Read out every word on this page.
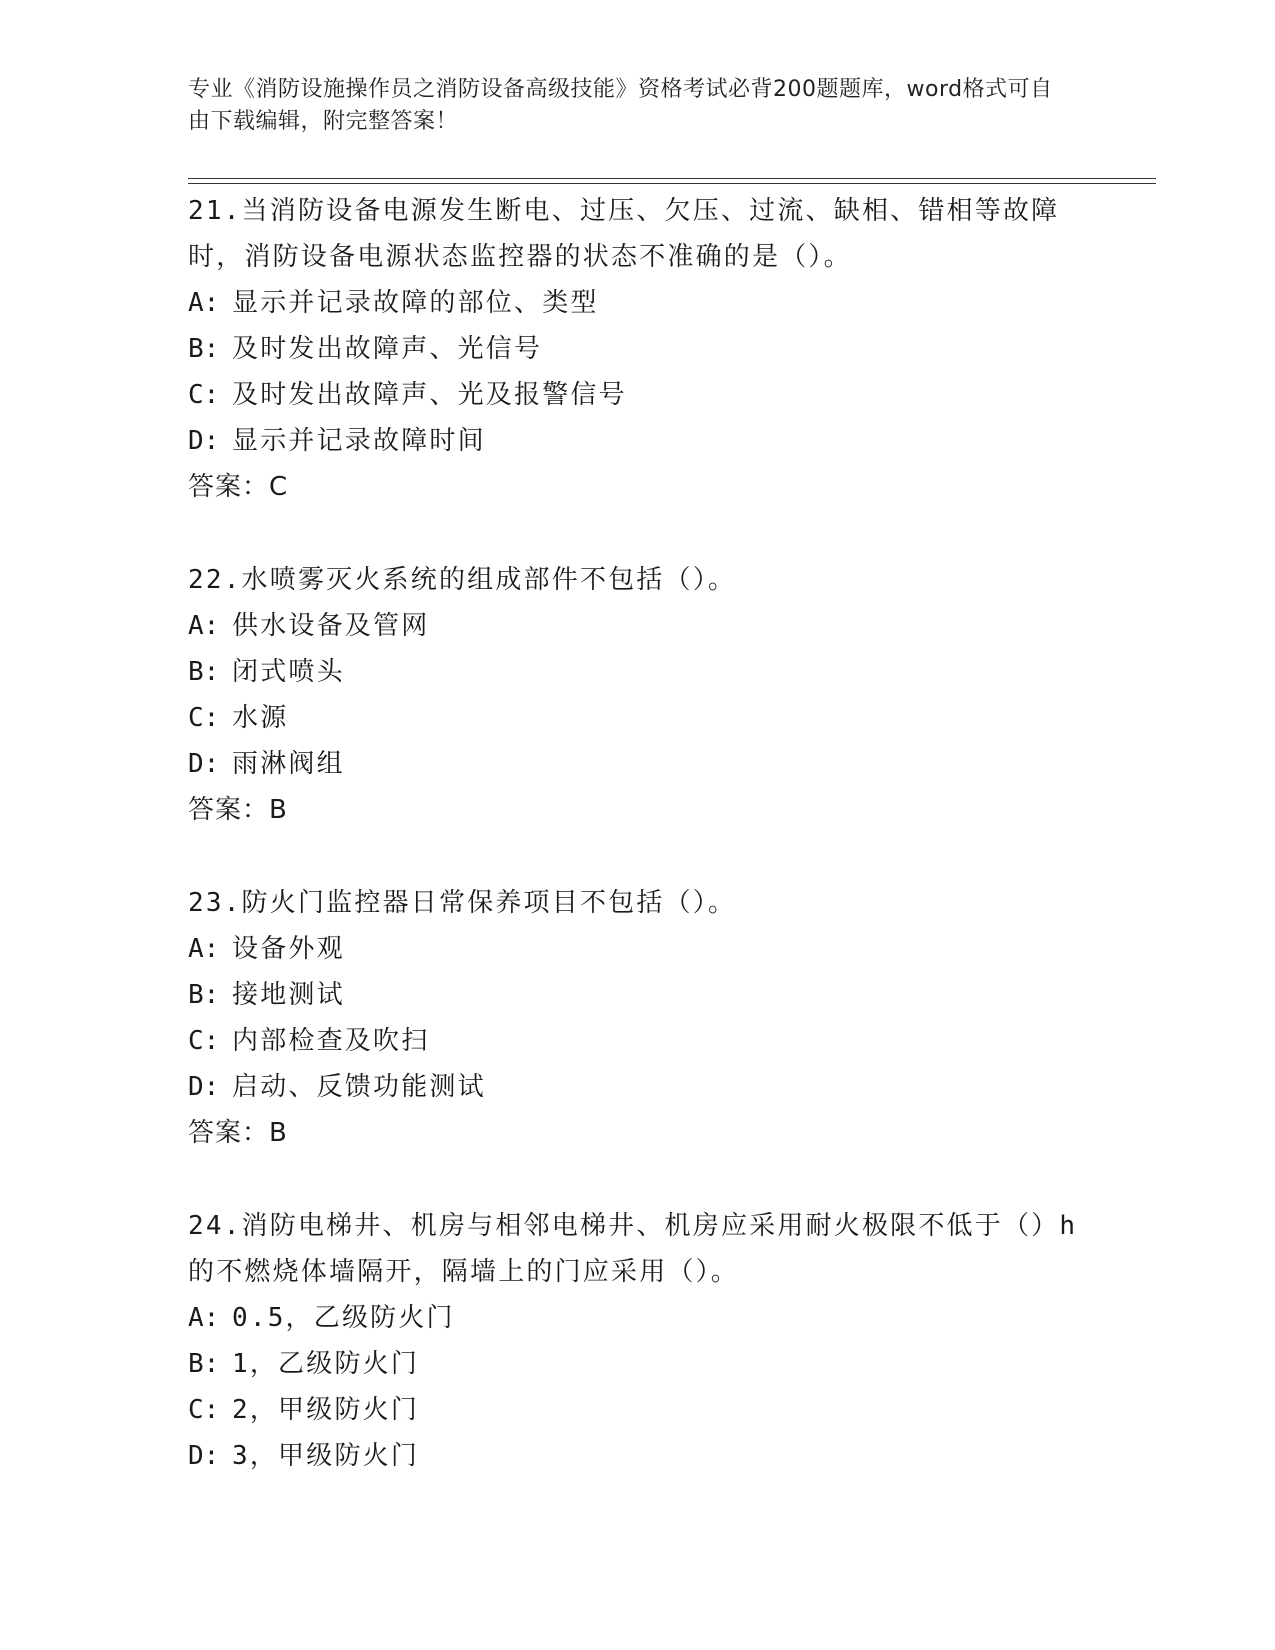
专业《消防设施操作员之消防设备高级技能》资格考试必背200题题库，word格式可自由下载编辑，附完整答案！
21.当消防设备电源发生断电、过压、欠压、过流、缺相、错相等故障时，消防设备电源状态监控器的状态不准确的是（）。
A: 显示并记录故障的部位、类型
B: 及时发出故障声、光信号
C: 及时发出故障声、光及报警信号
D: 显示并记录故障时间
答案：C
22.水喷雾灭火系统的组成部件不包括（）。
A: 供水设备及管网
B: 闭式喷头
C: 水源
D: 雨淋阀组
答案：B
23.防火门监控器日常保养项目不包括（）。
A: 设备外观
B: 接地测试
C: 内部检查及吹扫
D: 启动、反馈功能测试
答案：B
24.消防电梯井、机房与相邻电梯井、机房应采用耐火极限不低于（）h的不燃烧体墙隔开，隔墙上的门应采用（）。
A: 0.5，乙级防火门
B: 1，乙级防火门
C: 2，甲级防火门
D: 3，甲级防火门
